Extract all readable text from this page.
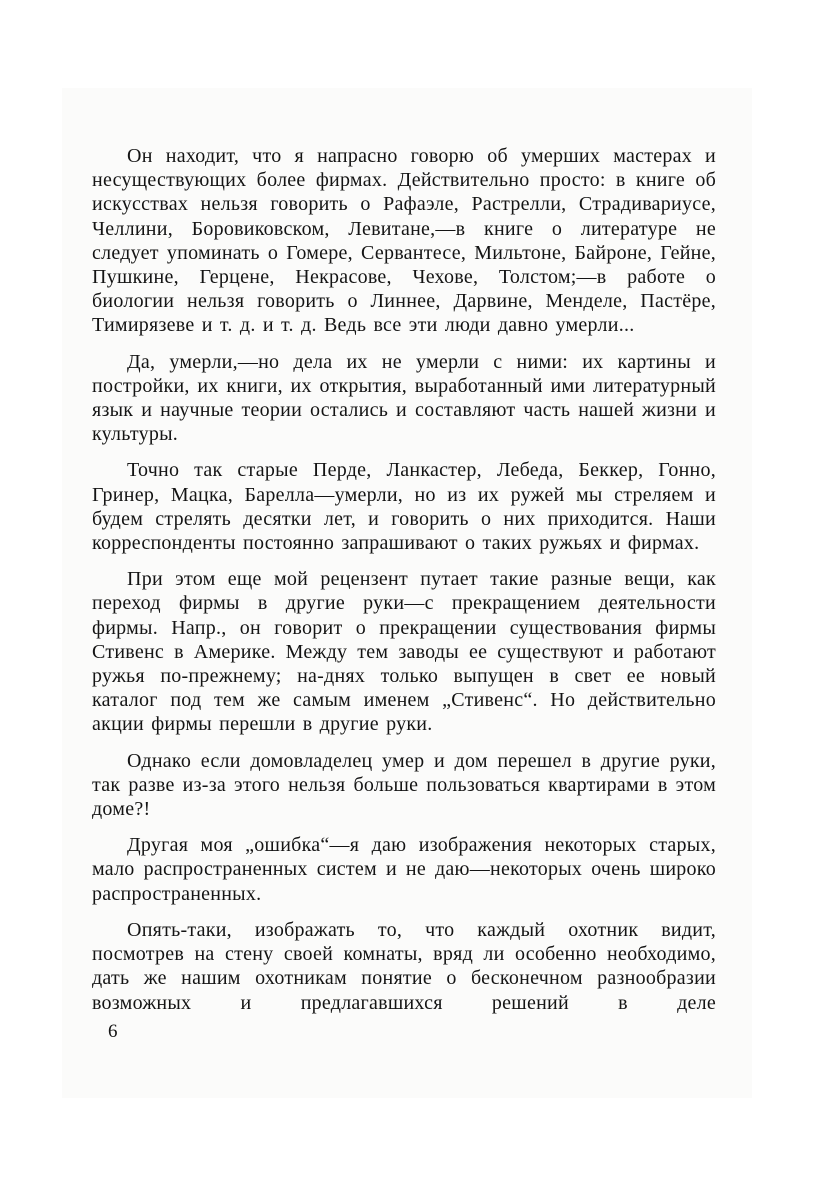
Он находит, что я напрасно говорю об умерших мастерах и несуществующих более фирмах. Действительно просто: в книге об искусствах нельзя говорить о Рафаэле, Растрелли, Страдивариусе, Челлини, Боровиковском, Левитане,—в книге о литературе не следует упоминать о Гомере, Сервантесе, Мильтоне, Байроне, Гейне, Пушкине, Герцене, Некрасове, Чехове, Толстом;—в работе о биологии нельзя говорить о Линнее, Дарвине, Менделе, Пастёре, Тимирязеве и т. д. и т. д. Ведь все эти люди давно умерли...

Да, умерли,—но дела их не умерли с ними: их картины и постройки, их книги, их открытия, выработанный ими литературный язык и научные теории остались и составляют часть нашей жизни и культуры.

Точно так старые Перде, Ланкастер, Лебеда, Беккер, Гонно, Гринер, Мацка, Барелла—умерли, но из их ружей мы стреляем и будем стрелять десятки лет, и говорить о них приходится. Наши корреспонденты постоянно запрашивают о таких ружьях и фирмах.

При этом еще мой рецензент путает такие разные вещи, как переход фирмы в другие руки—с прекращением деятельности фирмы. Напр., он говорит о прекращении существования фирмы Стивенс в Америке. Между тем заводы ее существуют и работают ружья по-прежнему; на-днях только выпущен в свет ее новый каталог под тем же самым именем „Стивенс“. Но действительно акции фирмы перешли в другие руки.

Однако если домовладелец умер и дом перешел в другие руки, так разве из-за этого нельзя больше пользоваться квартирами в этом доме?!

Другая моя „ошибка“—я даю изображения некоторых старых, мало распространенных систем и не даю—некоторых очень широко распространенных.

Опять-таки, изображать то, что каждый охотник видит, посмотрев на стену своей комнаты, вряд ли особенно необходимо, дать же нашим охотникам понятие о бесконечном разнообразии возможных и предлагавшихся решений в деле

6
